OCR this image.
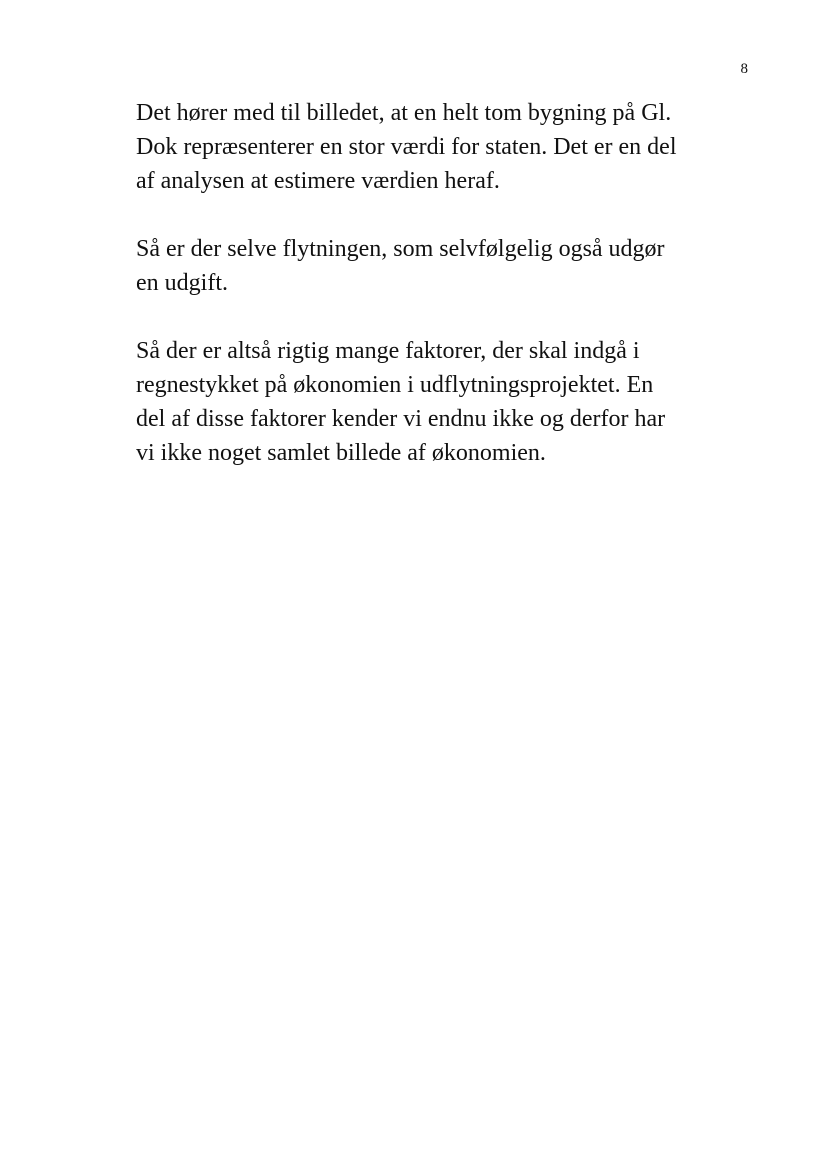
8

Det hører med til billedet, at en helt tom bygning på Gl.
Dok repræsenterer en stor værdi for staten. Det er en del
af analysen at estimere værdien heraf.

Så er der selve flytningen, som selvfølgelig også udgør
en udgift.

Så der er altså rigtig mange faktorer, der skal indgå i
regnestykket på økonomien i udflytningsprojektet. En
del af disse faktorer kender vi endnu ikke og derfor har
vi ikke noget samlet billede af økonomien.
